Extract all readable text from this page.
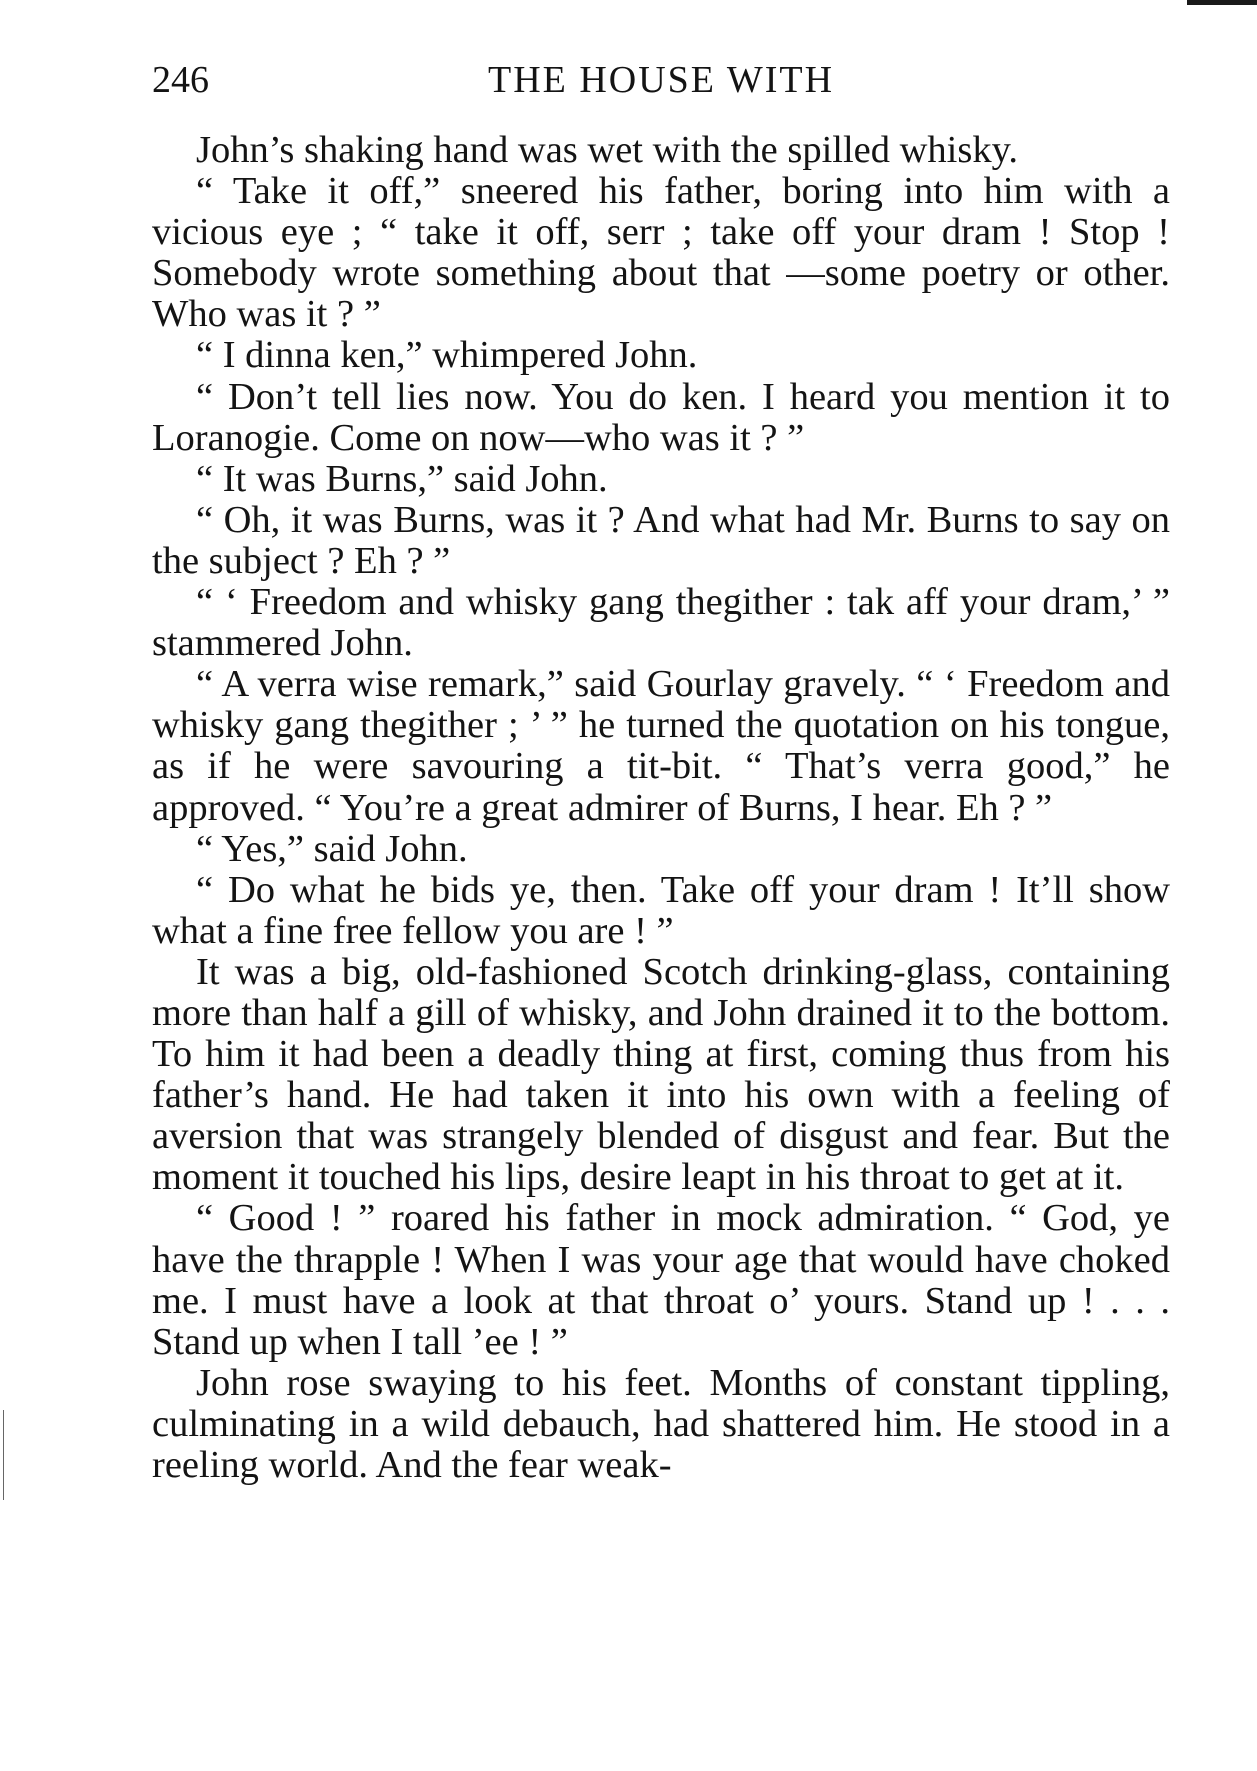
246	THE HOUSE WITH

John’s shaking hand was wet with the spilled whisky.

“ Take it off,” sneered his father, boring into him with a vicious eye ; “ take it off, serr ; take off your dram ! Stop ! Somebody wrote something about that —some poetry or other. Who was it ? ”

“ I dinna ken,” whimpered John.

“ Don’t tell lies now. You do ken. I heard you mention it to Loranogie. Come on now—who was it ? ”

“ It was Burns,” said John.

“ Oh, it was Burns, was it ? And what had Mr. Burns to say on the subject ? Eh ? ”

“ ‘ Freedom and whisky gang thegither : tak aff your dram,’ ” stammered John.

“ A verra wise remark,” said Gourlay gravely. “ ‘ Freedom and whisky gang thegither ; ’ ” he turned the quotation on his tongue, as if he were savouring a tit-bit. “ That’s verra good,” he approved. “ You’re a great admirer of Burns, I hear. Eh ? ”

“ Yes,” said John.

“ Do what he bids ye, then. Take off your dram ! It’ll show what a fine free fellow you are ! ”

It was a big, old-fashioned Scotch drinking-glass, containing more than half a gill of whisky, and John drained it to the bottom. To him it had been a deadly thing at first, coming thus from his father’s hand. He had taken it into his own with a feeling of aversion that was strangely blended of disgust and fear. But the moment it touched his lips, desire leapt in his throat to get at it.

“ Good ! ” roared his father in mock admiration. “ God, ye have the thrapple ! When I was your age that would have choked me. I must have a look at that throat o’ yours. Stand up ! . . . Stand up when I tall ’ee ! ”

John rose swaying to his feet. Months of constant tippling, culminating in a wild debauch, had shattered him. He stood in a reeling world. And the fear weak-
